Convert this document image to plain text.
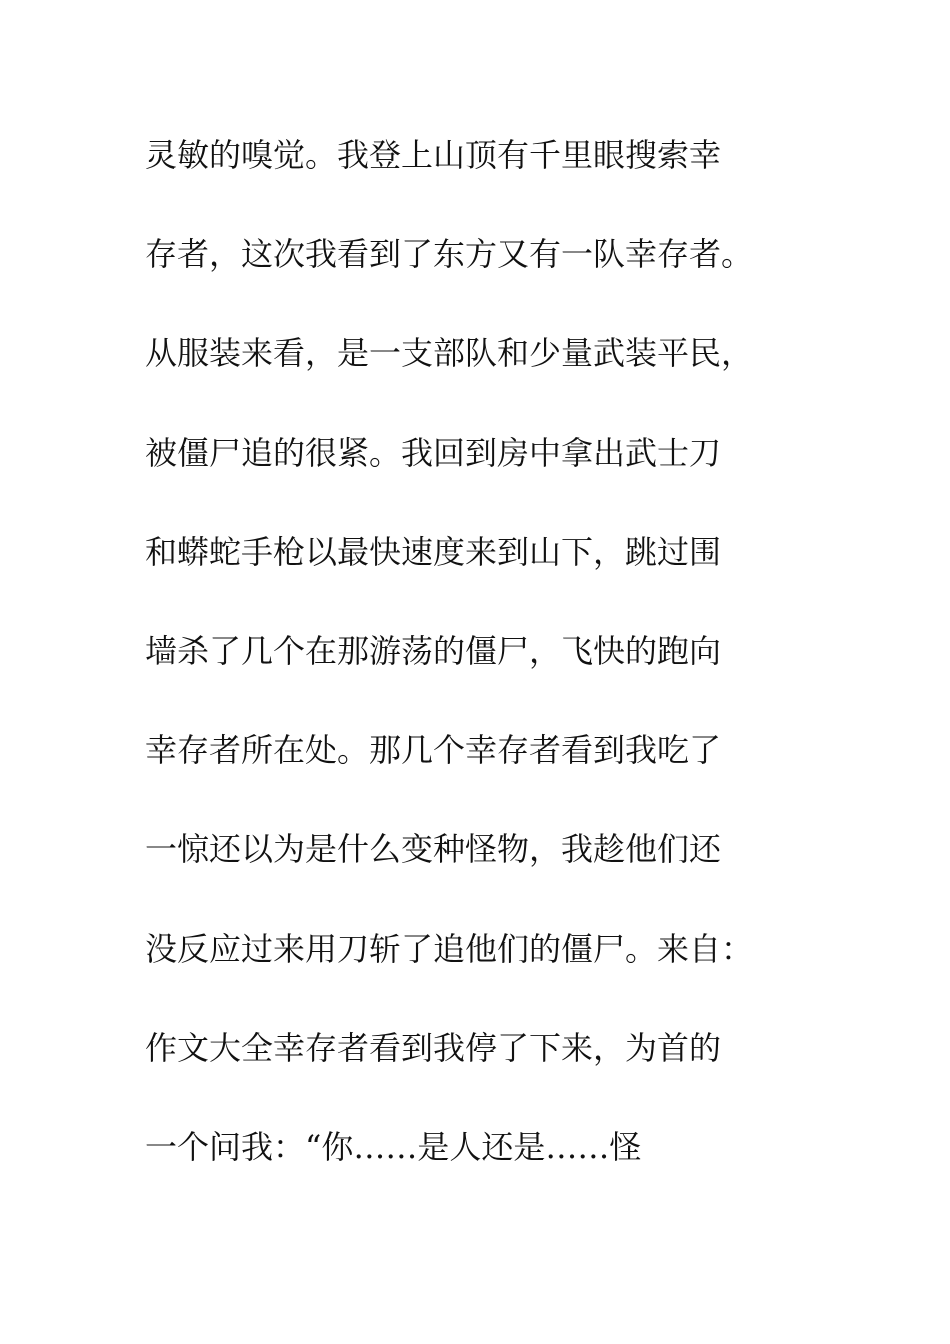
灵敏的嗅觉。我登上山顶有千里眼搜索幸
存者，这次我看到了东方又有一队幸存者。
从服装来看，是一支部队和少量武装平民，
被僵尸追的很紧。我回到房中拿出武士刀
和蟒蛇手枪以最快速度来到山下，跳过围
墙杀了几个在那游荡的僵尸，飞快的跑向
幸存者所在处。那几个幸存者看到我吃了
一惊还以为是什么变种怪物，我趁他们还
没反应过来用刀斩了追他们的僵尸。来自：
作文大全幸存者看到我停了下来，为首的
一个问我：“你……是人还是……怪
